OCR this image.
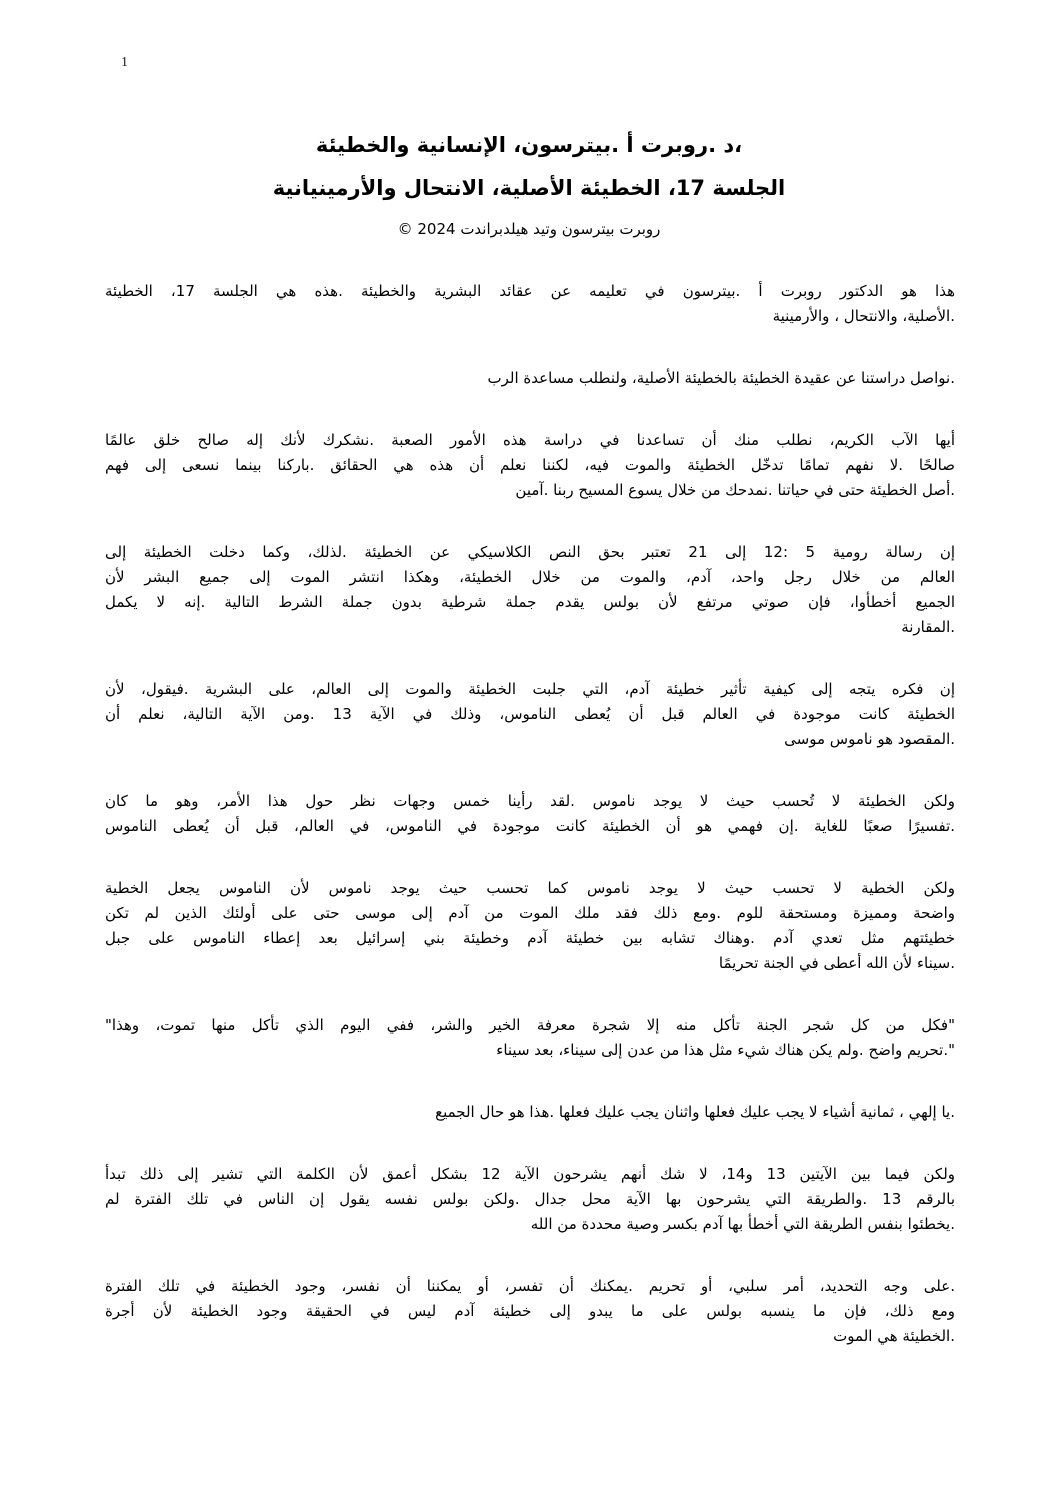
1
،د .روبرت أ .بيترسون، الإنسانية والخطيئة
الجلسة 17، الخطيئة الأصلية، الانتحال والأرمينيانية
روبرت بيترسون وتيد هيلدبراندت 2024 ©
هذا هو الدكتور روبرت أ .بيترسون في تعليمه عن عقائد البشرية والخطيئة .هذه هي الجلسة 17، الخطيئة
.الأصلية، والانتحال ، والأرمينية
.نواصل دراستنا عن عقيدة الخطيئة بالخطيئة الأصلية، ولنطلب مساعدة الرب
أيها الآب الكريم، نطلب منك أن تساعدنا في دراسة هذه الأمور الصعبة .نشكرك لأنك إله صالح خلق عالمًا
صالحًا .لا نفهم تمامًا تدخّل الخطيئة والموت فيه، لكننا نعلم أن هذه هي الحقائق .باركنا بينما نسعى إلى فهم
.أصل الخطيئة حتى في حياتنا .نمدحك من خلال يسوع المسيح ربنا .آمين
إن رسالة رومية 5 :12 إلى 21 تعتبر بحق النص الكلاسيكي عن الخطيئة .لذلك، وكما دخلت الخطيئة إلى
العالم من خلال رجل واحد، آدم، والموت من خلال الخطيئة، وهكذا انتشر الموت إلى جميع البشر لأن
الجميع أخطأوا، فإن صوتي مرتفع لأن بولس يقدم جملة شرطية بدون جملة الشرط التالية .إنه لا يكمل
.المقارنة
إن فكره يتجه إلى كيفية تأثير خطيئة آدم، التي جلبت الخطيئة والموت إلى العالم، على البشرية .فيقول، لأن
الخطيئة كانت موجودة في العالم قبل أن يُعطى الناموس، وذلك في الآية 13 .ومن الآية التالية، نعلم أن
.المقصود هو ناموس موسى
ولكن الخطيئة لا تُحسب حيث لا يوجد ناموس .لقد رأينا خمس وجهات نظر حول هذا الأمر، وهو ما كان
.تفسيرًا صعبًا للغاية .إن فهمي هو أن الخطيئة كانت موجودة في الناموس، في العالم، قبل أن يُعطى الناموس
ولكن الخطية لا تحسب حيث لا يوجد ناموس كما تحسب حيث يوجد ناموس لأن الناموس يجعل الخطية
واضحة ومميزة ومستحقة للوم .ومع ذلك فقد ملك الموت من آدم إلى موسى حتى على أولئك الذين لم تكن
خطيئتهم مثل تعدي آدم .وهناك تشابه بين خطيئة آدم وخطيئة بني إسرائيل بعد إعطاء الناموس على جبل
.سيناء لأن الله أعطى في الجنة تحريمًا
"فكل من كل شجر الجنة تأكل منه إلا شجرة معرفة الخير والشر، ففي اليوم الذي تأكل منها تموت، وهذا"
".تحريم واضح .ولم يكن هناك شيء مثل هذا من عدن إلى سيناء، بعد سيناء
.يا إلهي ، ثمانية أشياء لا يجب عليك فعلها واثنان يجب عليك فعلها .هذا هو حال الجميع
ولكن فيما بين الآيتين 13 و14، لا شك أنهم يشرحون الآية 12 بشكل أعمق لأن الكلمة التي تشير إلى ذلك تبدأ
بالرقم 13 .والطريقة التي يشرحون بها الآية محل جدال .ولكن بولس نفسه يقول إن الناس في تلك الفترة لم
.يخطئوا بنفس الطريقة التي أخطأ بها آدم بكسر وصية محددة من الله
.على وجه التحديد، أمر سلبي، أو تحريم .يمكنك أن تفسر، أو يمكننا أن نفسر، وجود الخطيئة في تلك الفترة
ومع ذلك، فإن ما ينسبه بولس على ما يبدو إلى خطيئة آدم ليس في الحقيقة وجود الخطيئة لأن أجرة
.الخطيئة هي الموت
